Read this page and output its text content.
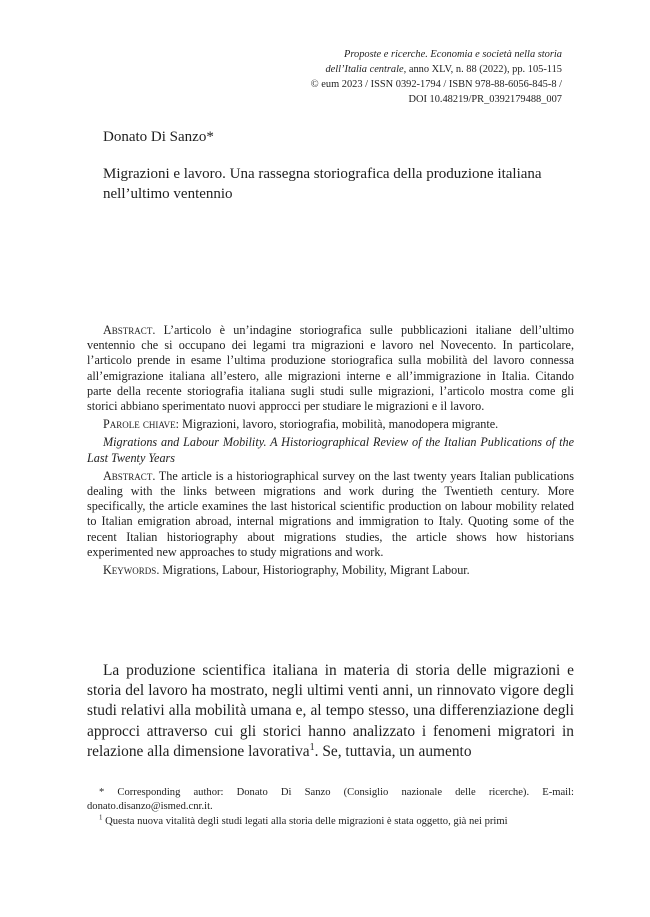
Proposte e ricerche. Economia e società nella storia
dell’Italia centrale, anno XLV, n. 88 (2022), pp. 105-115
© eum 2023 / ISSN 0392-1794 / ISBN 978-88-6056-845-8 /
DOI 10.48219/PR_0392179488_007
Donato Di Sanzo*
Migrazioni e lavoro. Una rassegna storiografica della produzione italiana nell’ultimo ventennio

Abstract. L’articolo è un’indagine storiografica sulle pubblicazioni italiane dell’ultimo ventennio che si occupano dei legami tra migrazioni e lavoro nel Novecento. In particolare, l’articolo prende in esame l’ultima produzione storiografica sulla mobilità del lavoro connessa all’emigrazione italiana all’estero, alle migrazioni interne e all’immigrazione in Italia. Citando parte della recente storiografia italiana sugli studi sulle migrazioni, l’articolo mostra come gli storici abbiano sperimentato nuovi approcci per studiare le migrazioni e il lavoro.

Parole chiave: Migrazioni, lavoro, storiografia, mobilità, manodopera migrante.

Migrations and Labour Mobility. A Historiographical Review of the Italian Publications of the Last Twenty Years

Abstract. The article is a historiographical survey on the last twenty years Italian publications dealing with the links between migrations and work during the Twentieth century. More specifically, the article examines the last historical scientific production on labour mobility related to Italian emigration abroad, internal migrations and immigration to Italy. Quoting some of the recent Italian historiography about migrations studies, the article shows how historians experimented new approaches to study migrations and work.

Keywords. Migrations, Labour, Historiography, Mobility, Migrant Labour.

La produzione scientifica italiana in materia di storia delle migrazioni e storia del lavoro ha mostrato, negli ultimi venti anni, un rinnovato vigore degli studi relativi alla mobilità umana e, al tempo stesso, una differenziazione degli approcci attraverso cui gli storici hanno analizzato i fenomeni migratori in relazione alla dimensione lavorativa$^1$. Se, tuttavia, un aumento

* Corresponding author: Donato Di Sanzo (Consiglio nazionale delle ricerche). E-mail: donato.disanzo@ismed.cnr.it.

$^1$ Questa nuova vitalità degli studi legati alla storia delle migrazioni è stata oggetto, già nei primi
